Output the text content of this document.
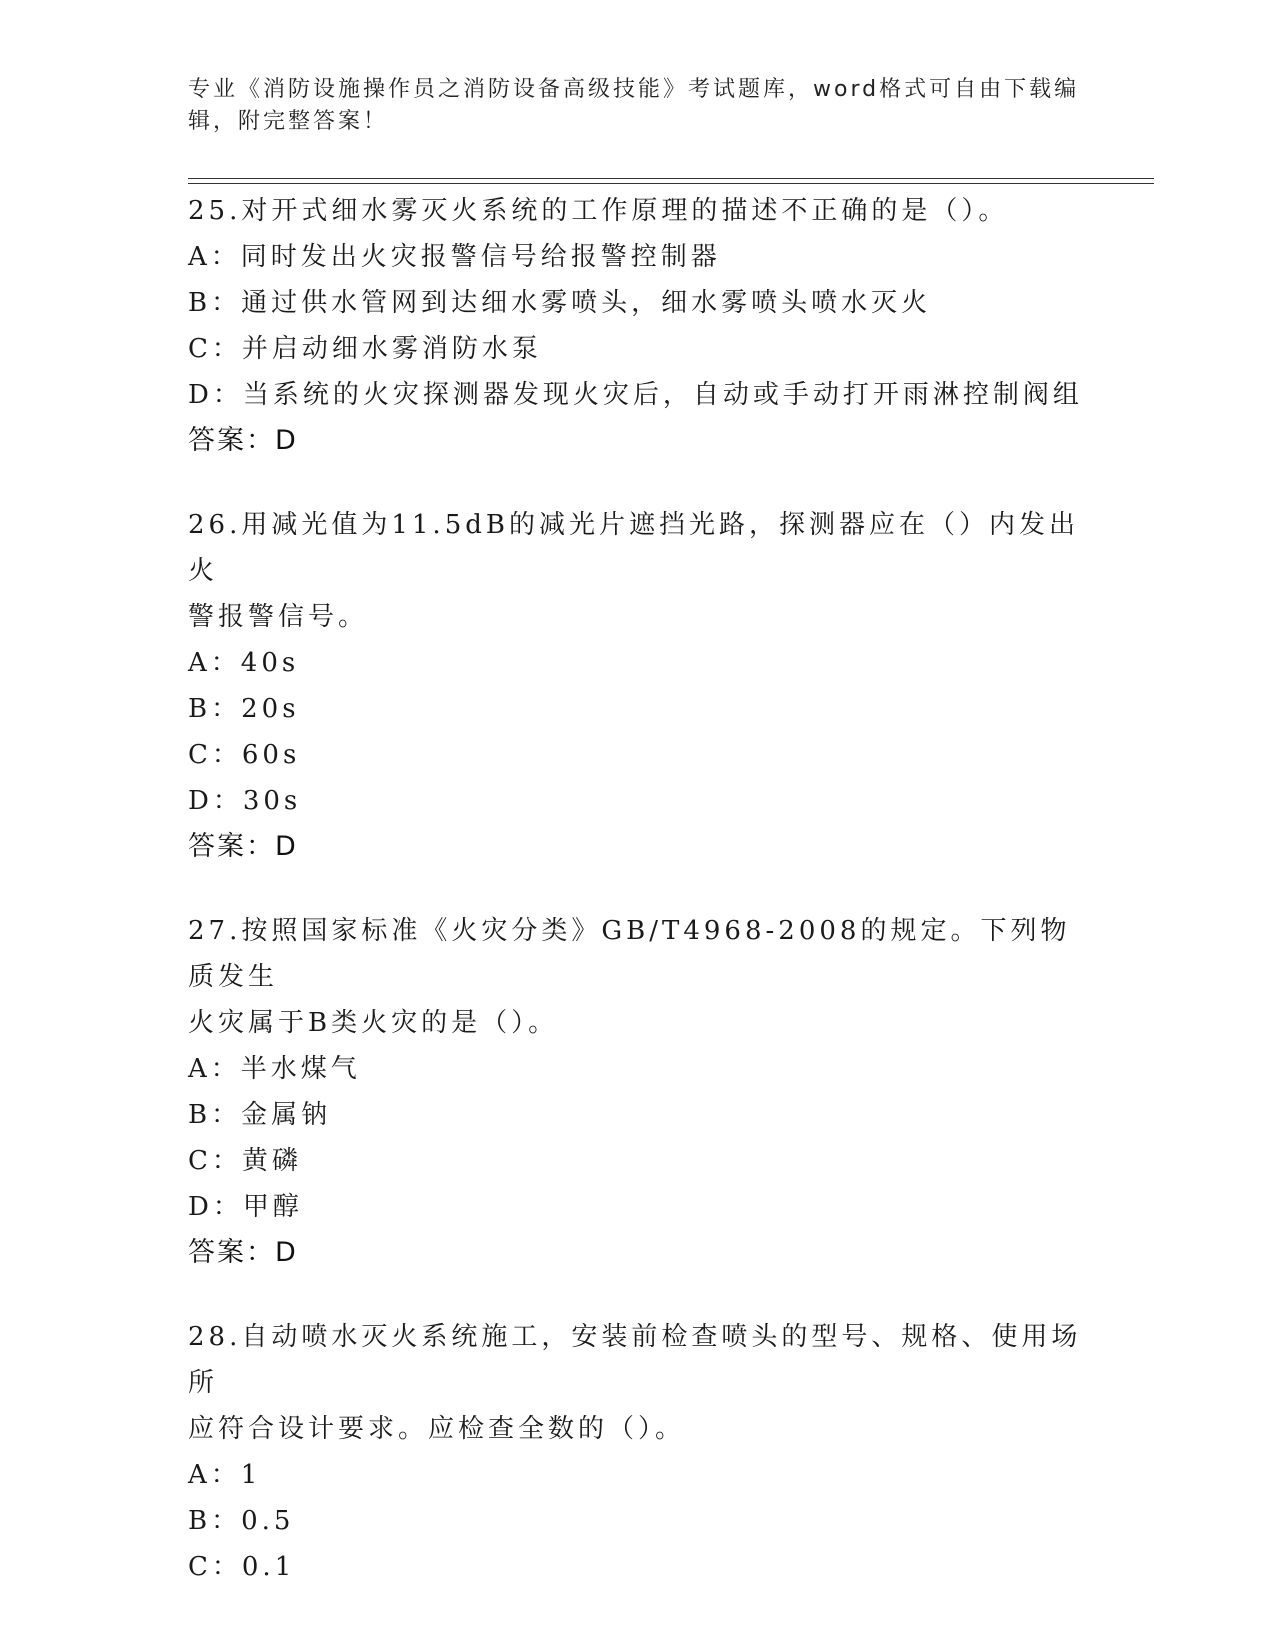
专业《消防设施操作员之消防设备高级技能》考试题库，word格式可自由下载编
辑，附完整答案！

25.对开式细水雾灭火系统的工作原理的描述不正确的是（）。

A：同时发出火灾报警信号给报警控制器

B：通过供水管网到达细水雾喷头，细水雾喷头喷水灭火

C：并启动细水雾消防水泵

D：当系统的火灾探测器发现火灾后，自动或手动打开雨淋控制阀组

答案：D

26.用减光值为11.5dB的减光片遮挡光路，探测器应在（）内发出火

警报警信号。

A：40s

B：20s

C：60s

D：30s

答案：D

27.按照国家标准《火灾分类》GB/T4968-2008的规定。下列物质发生

火灾属于B类火灾的是（）。

A：半水煤气

B：金属钠

C：黄磷

D：甲醇

答案：D

28.自动喷水灭火系统施工，安装前检查喷头的型号、规格、使用场所

应符合设计要求。应检查全数的（）。

A：1

B：0.5

C：0.1
